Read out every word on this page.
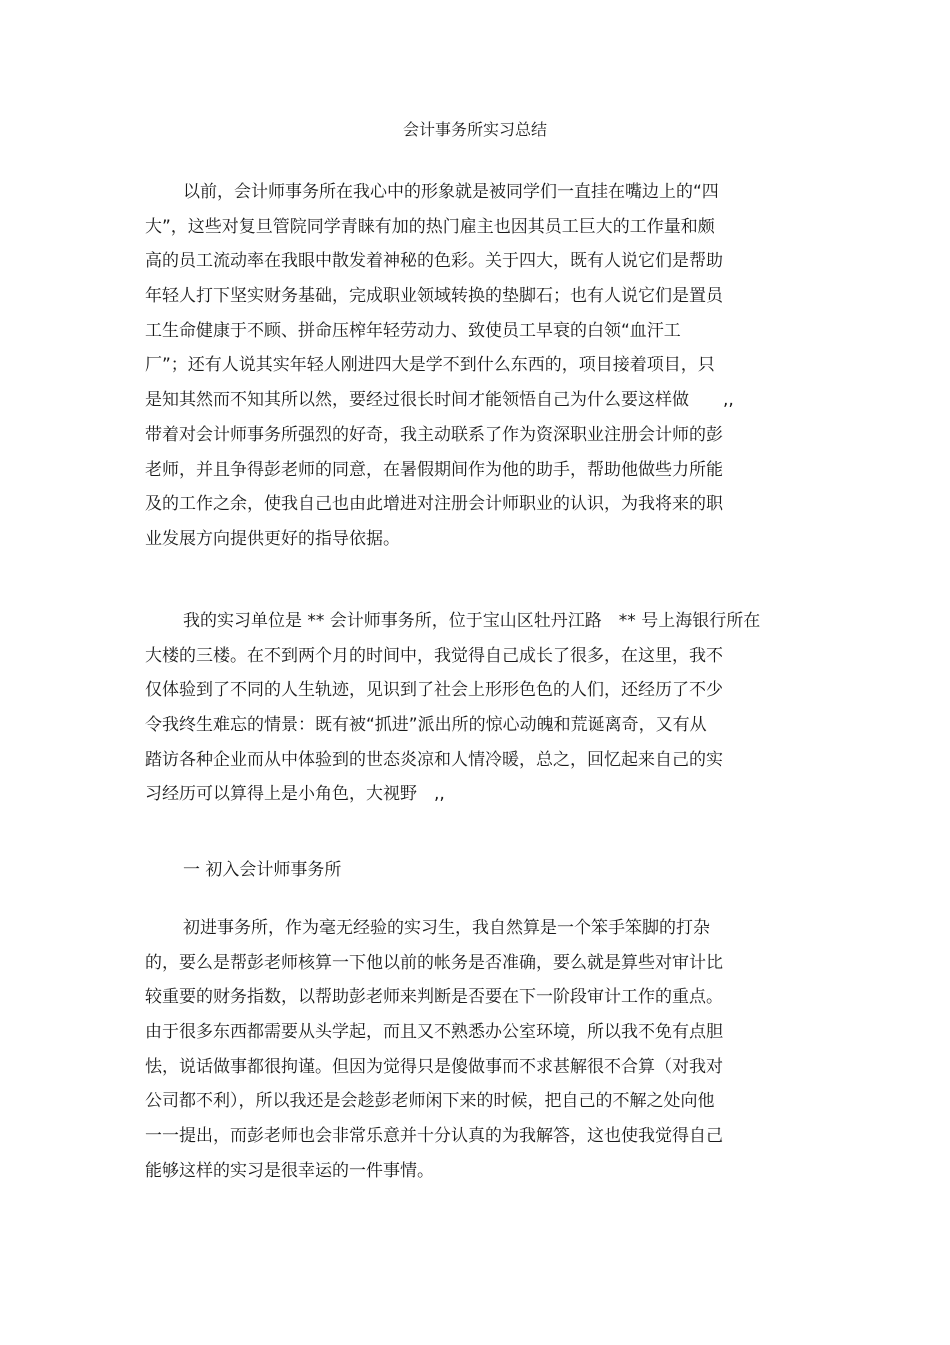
会计事务所实习总结
以前，会计师事务所在我心中的形象就是被同学们一直挂在嘴边上的“四
大”，这些对复旦管院同学青睐有加的热门雇主也因其员工巨大的工作量和颇
高的员工流动率在我眼中散发着神秘的色彩。关于四大，既有人说它们是帮助
年轻人打下坚实财务基础，完成职业领域转换的垫脚石；也有人说它们是置员
工生命健康于不顾、拼命压榨年轻劳动力、致使员工早衰的白领“血汗工
厂”；还有人说其实年轻人刚进四大是学不到什么东西的，项目接着项目，只
是知其然而不知其所以然，要经过很长时间才能领悟自己为什么要这样做　　,,
带着对会计师事务所强烈的好奇，我主动联系了作为资深职业注册会计师的彭
老师，并且争得彭老师的同意，在暑假期间作为他的助手，帮助他做些力所能
及的工作之余，使我自己也由此增进对注册会计师职业的认识，为我将来的职
业发展方向提供更好的指导依据。
我的实习单位是 ** 会计师事务所，位于宝山区牡丹江路　** 号上海银行所在
大楼的三楼。在不到两个月的时间中，我觉得自己成长了很多，在这里，我不
仅体验到了不同的人生轨迹，见识到了社会上形形色色的人们，还经历了不少
令我终生难忘的情景：既有被“抓进”派出所的惊心动魄和荒诞离奇，又有从
踏访各种企业而从中体验到的世态炎凉和人情冷暖，总之，回忆起来自己的实
习经历可以算得上是小角色，大视野　,,
一 初入会计师事务所
初进事务所，作为毫无经验的实习生，我自然算是一个笨手笨脚的打杂
的，要么是帮彭老师核算一下他以前的帐务是否准确，要么就是算些对审计比
较重要的财务指数，以帮助彭老师来判断是否要在下一阶段审计工作的重点。
由于很多东西都需要从头学起，而且又不熟悉办公室环境，所以我不免有点胆
怯，说话做事都很拘谨。但因为觉得只是傻做事而不求甚解很不合算（对我对
公司都不利），所以我还是会趁彭老师闲下来的时候，把自己的不解之处向他
一一提出，而彭老师也会非常乐意并十分认真的为我解答，这也使我觉得自己
能够这样的实习是很幸运的一件事情。
